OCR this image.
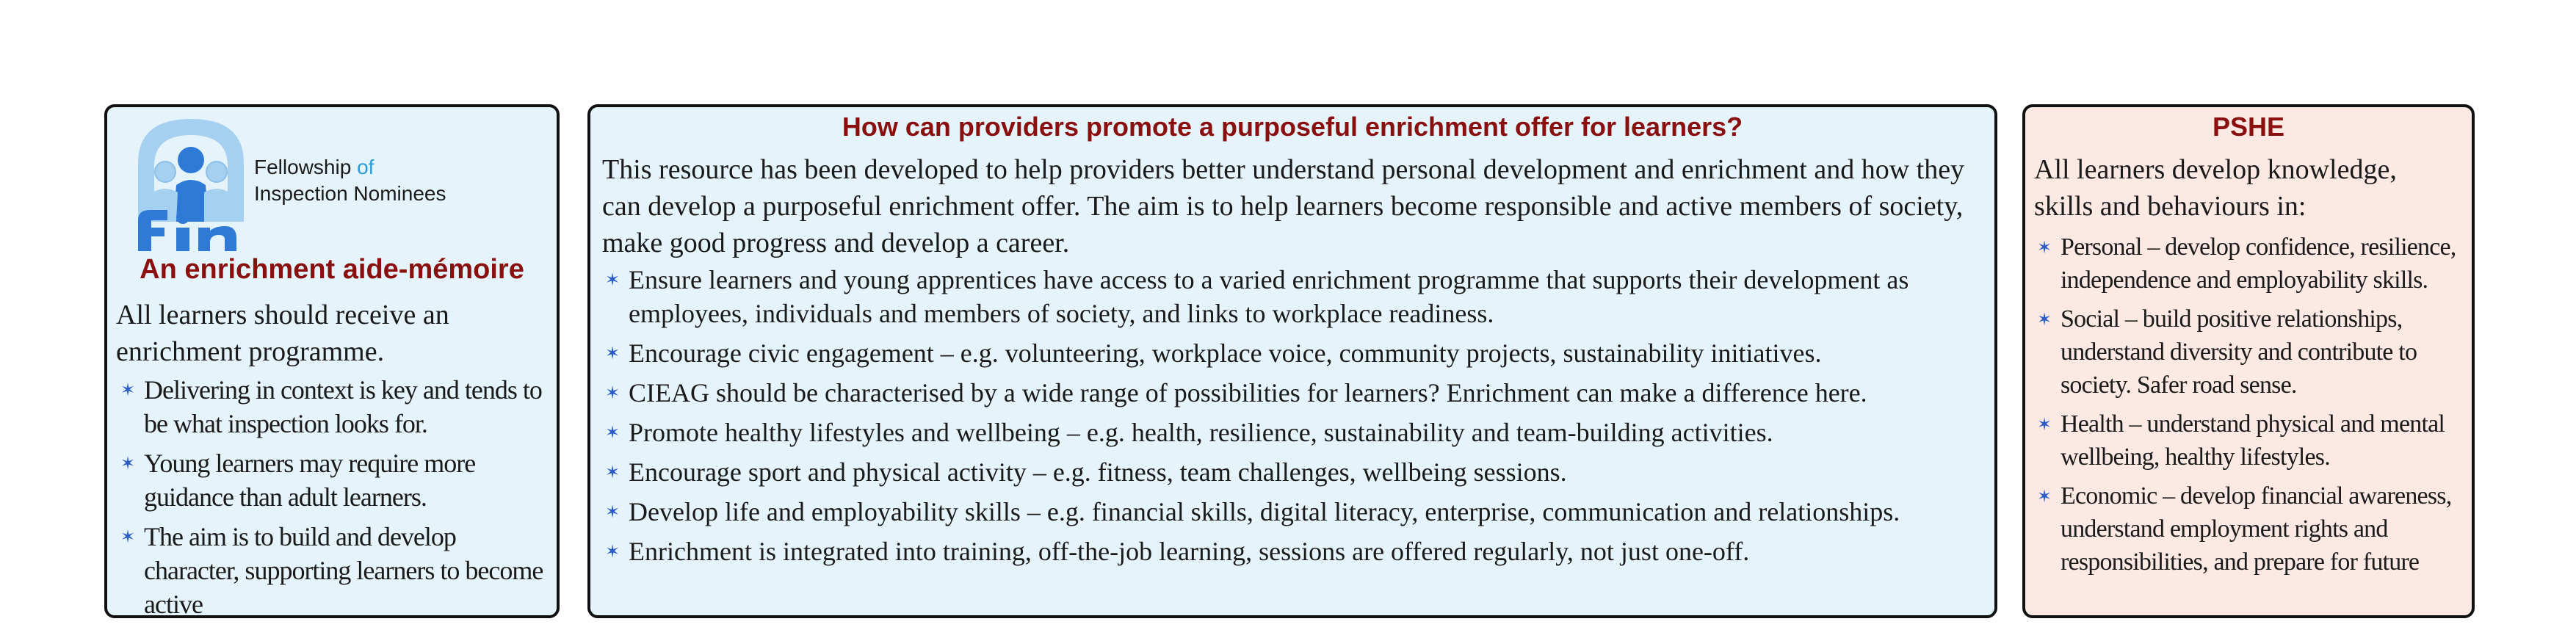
Fellowship of
Inspection Nominees
An enrichment aide-mémoire

All learners should receive an enrichment programme.

✶ Delivering in context is key and tends to be what inspection looks for.
✶ Young learners may require more guidance than adult learners.
✶ The aim is to build and develop character, supporting learners to become active
How can providers promote a purposeful enrichment offer for learners?

This resource has been developed to help providers better understand personal development and enrichment and how they can develop a purposeful enrichment offer. The aim is to help learners become responsible and active members of society, make good progress and develop a career.

✶ Ensure learners and young apprentices have access to a varied enrichment programme that supports their development as employees, individuals and members of society, and links to workplace readiness.
✶ Encourage civic engagement – e.g. volunteering, workplace voice, community projects, sustainability initiatives.
✶ CIEAG should be characterised by a wide range of possibilities for learners? Enrichment can make a difference here.
✶ Promote healthy lifestyles and wellbeing – e.g. health, resilience, sustainability and team-building activities.
✶ Encourage sport and physical activity – e.g. fitness, team challenges, wellbeing sessions.
✶ Develop life and employability skills – e.g. financial skills, digital literacy, enterprise, communication and relationships.
✶ Enrichment is integrated into training, off-the-job learning, sessions are offered regularly, not just one-off.
PSHE

All learners develop knowledge, skills and behaviours in:

✶ Personal – develop confidence, resilience, independence and employability skills.
✶ Social – build positive relationships, understand diversity and contribute to society. Safer road sense.
✶ Health – understand physical and mental wellbeing, healthy lifestyles.
✶ Economic – develop financial awareness, understand employment rights and responsibilities, and prepare for future
